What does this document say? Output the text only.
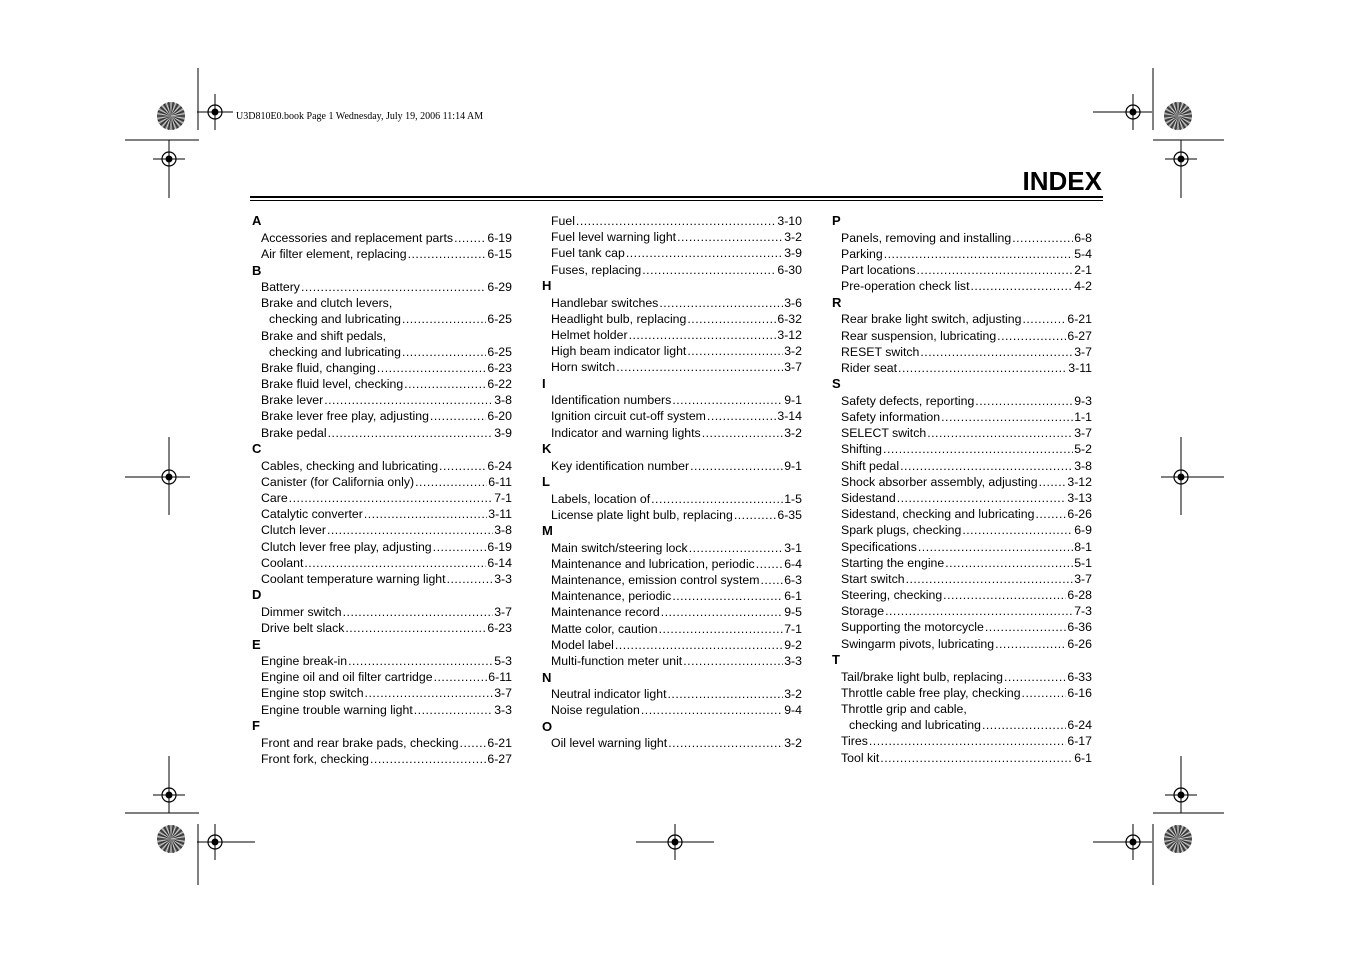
U3D810E0.book Page 1 Wednesday, July 19, 2006 11:14 AM
INDEX
A
Accessories and replacement parts .....	6-19
Air filter element, replacing .....	6-15
B
Battery .....	6-29
Brake and clutch levers,
checking and lubricating .....	6-25
Brake and shift pedals,
checking and lubricating .....	6-25
Brake fluid, changing .....	6-23
Brake fluid level, checking .....	6-22
Brake lever .....	3-8
Brake lever free play, adjusting .....	6-20
Brake pedal .....	3-9
C
Cables, checking and lubricating .....	6-24
Canister (for California only) .....	6-11
Care .....	7-1
Catalytic converter .....	3-11
Clutch lever .....	3-8
Clutch lever free play, adjusting .....	6-19
Coolant .....	6-14
Coolant temperature warning light .....	3-3
D
Dimmer switch .....	3-7
Drive belt slack .....	6-23
E
Engine break-in .....	5-3
Engine oil and oil filter cartridge .....	6-11
Engine stop switch .....	3-7
Engine trouble warning light .....	3-3
F
Front and rear brake pads, checking ..... 6-21
Front fork, checking .....	6-27
Fuel .....	3-10
Fuel level warning light .....	3-2
Fuel tank cap .....	3-9
Fuses, replacing .....	6-30
H
Handlebar switches .....	3-6
Headlight bulb, replacing .....	6-32
Helmet holder .....	3-12
High beam indicator light .....	3-2
Horn switch .....	3-7
I
Identification numbers .....	9-1
Ignition circuit cut-off system .....	3-14
Indicator and warning lights .....	3-2
K
Key identification number .....	9-1
L
Labels, location of .....	1-5
License plate light bulb, replacing .....	6-35
M
Main switch/steering lock .....	3-1
Maintenance and lubrication, periodic ..... 6-4
Maintenance, emission control system ..... 6-3
Maintenance, periodic .....	6-1
Maintenance record .....	9-5
Matte color, caution .....	7-1
Model label .....	9-2
Multi-function meter unit .....	3-3
N
Neutral indicator light .....	3-2
Noise regulation .....	9-4
O
Oil level warning light .....	3-2
P
Panels, removing and installing .....	6-8
Parking .....	5-4
Part locations .....	2-1
Pre-operation check list .....	4-2
R
Rear brake light switch, adjusting .....	6-21
Rear suspension, lubricating .....	6-27
RESET switch .....	3-7
Rider seat .....	3-11
S
Safety defects, reporting .....	9-3
Safety information .....	1-1
SELECT switch .....	3-7
Shifting .....	5-2
Shift pedal .....	3-8
Shock absorber assembly, adjusting ..... 3-12
Sidestand .....	3-13
Sidestand, checking and lubricating .....	6-26
Spark plugs, checking .....	6-9
Specifications .....	8-1
Starting the engine .....	5-1
Start switch .....	3-7
Steering, checking .....	6-28
Storage .....	7-3
Supporting the motorcycle .....	6-36
Swingarm pivots, lubricating .....	6-26
T
Tail/brake light bulb, replacing .....	6-33
Throttle cable free play, checking .....	6-16
Throttle grip and cable,
checking and lubricating .....	6-24
Tires .....	6-17
Tool kit .....	6-1
